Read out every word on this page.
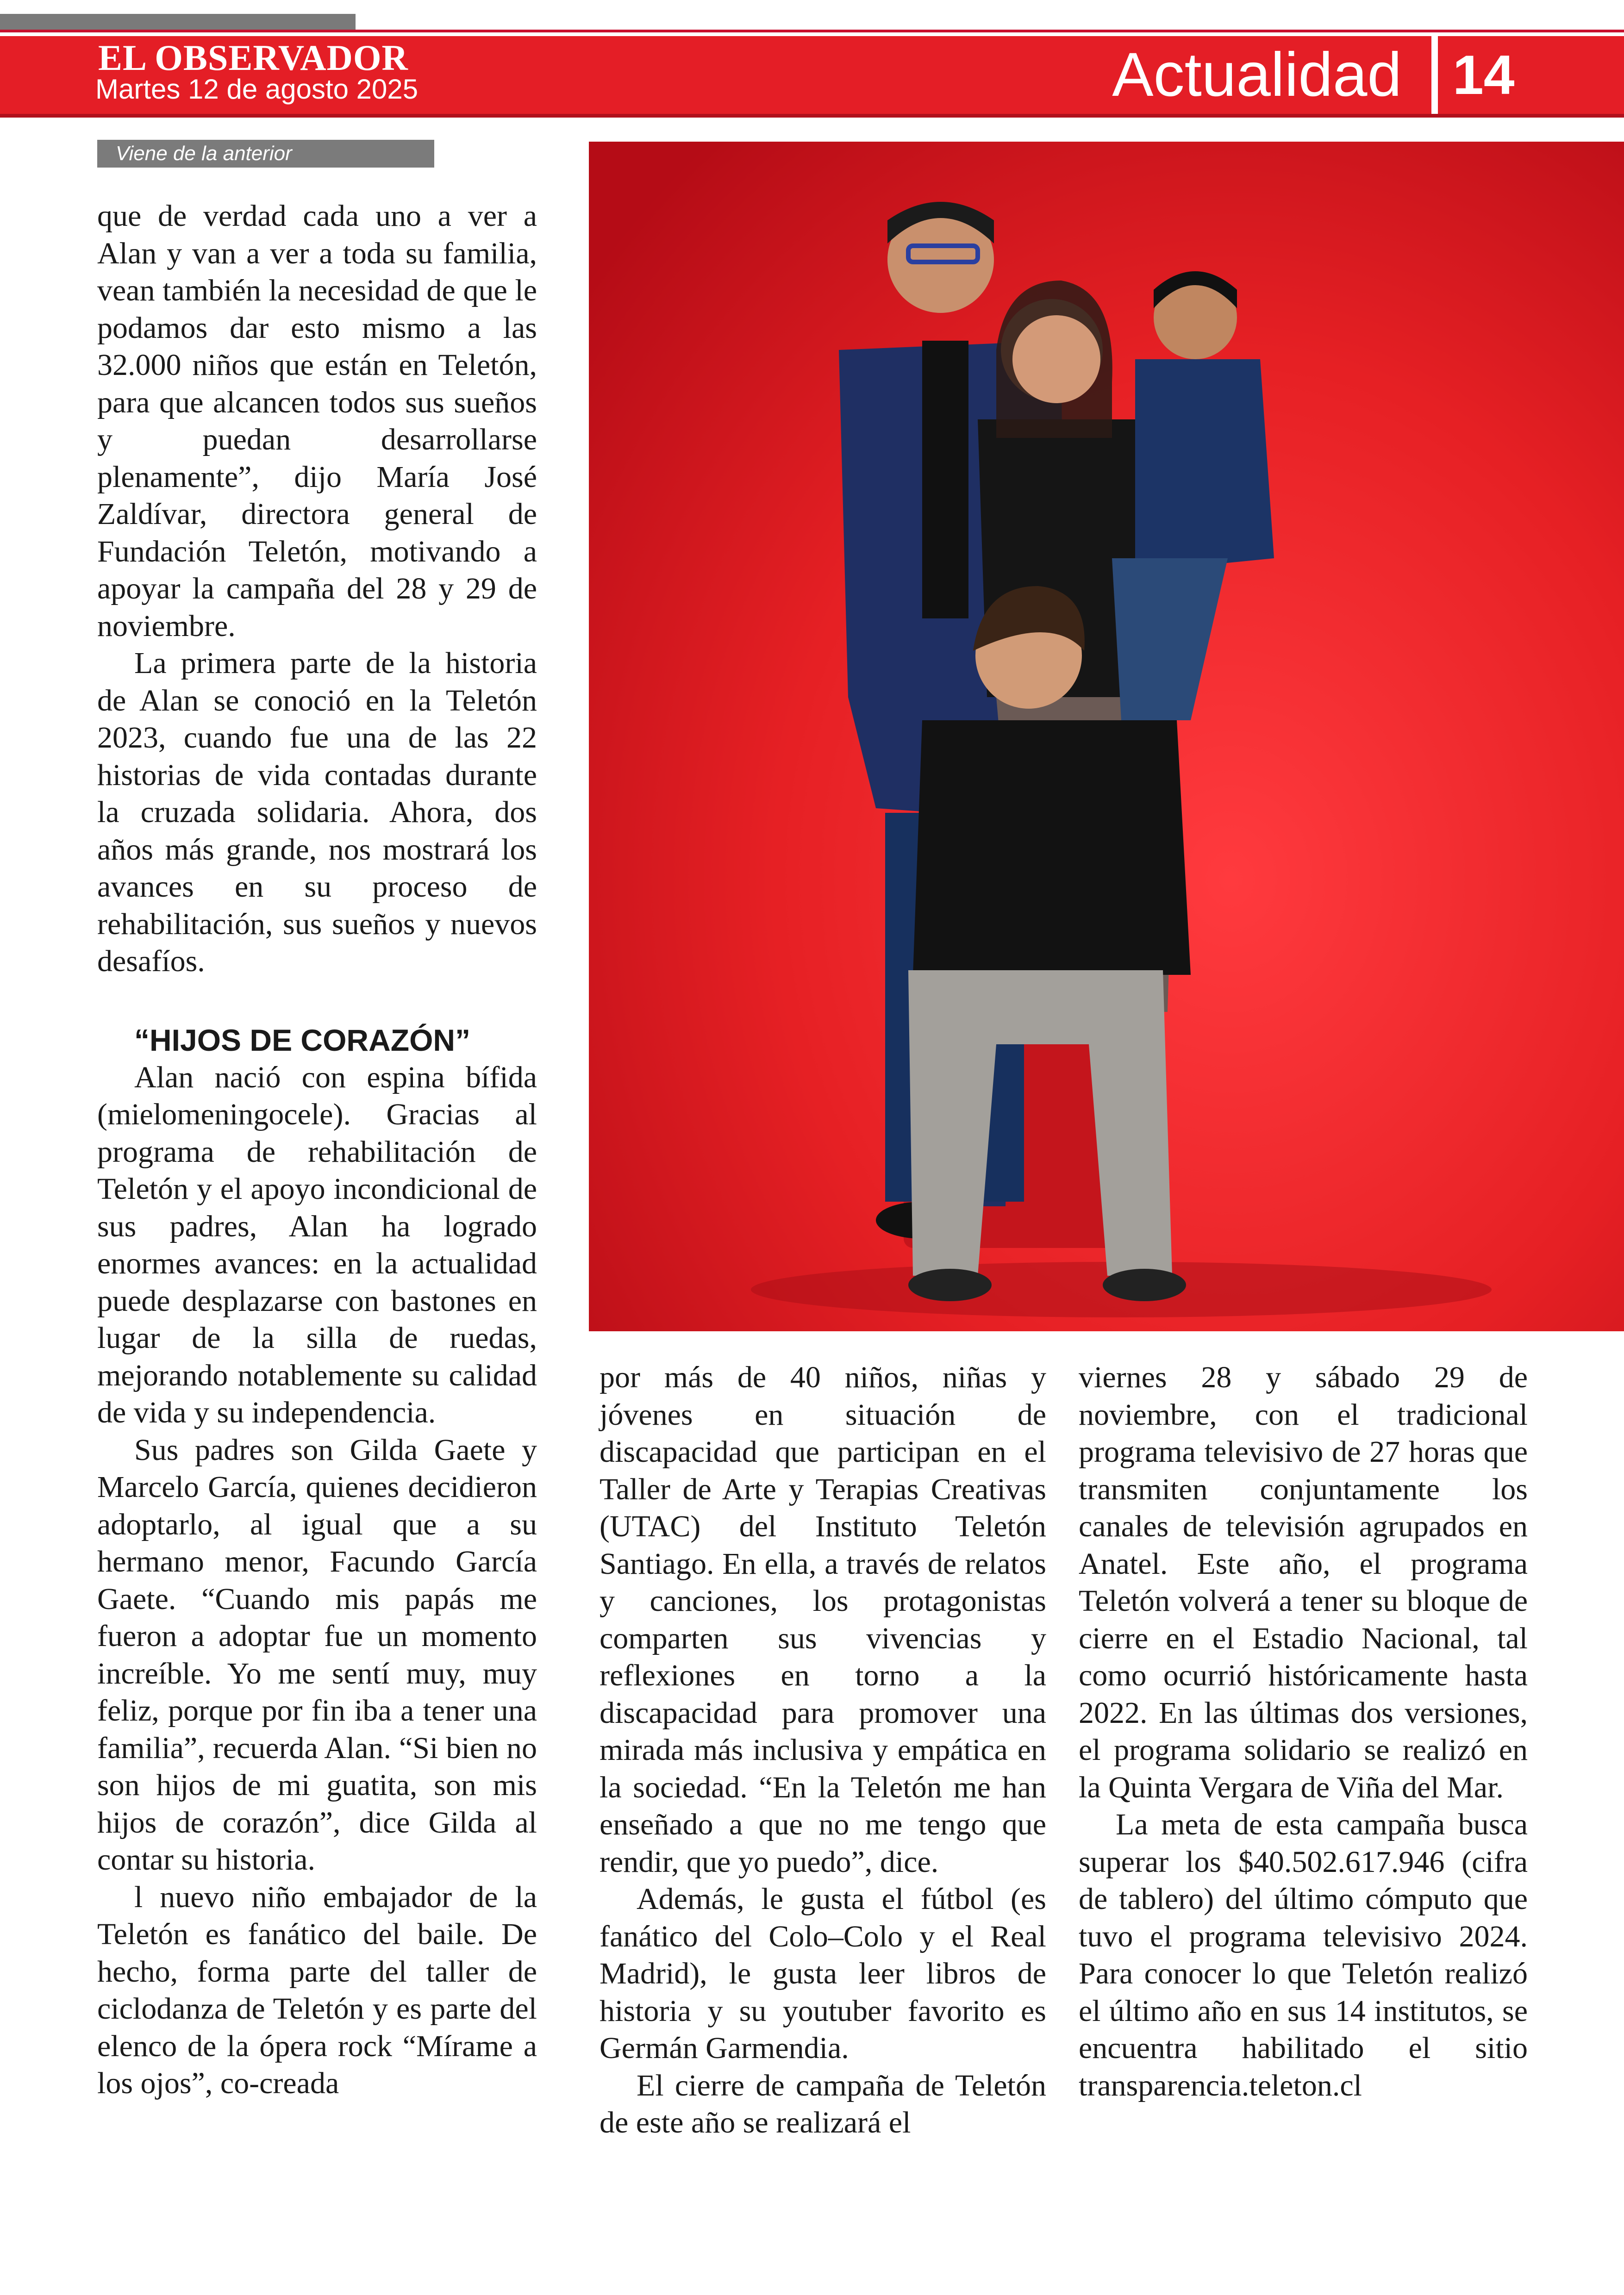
EL OBSERVADOR
Martes 12 de agosto 2025	Actualidad 14
Viene de la anterior

que de verdad cada uno a ver a Alan y van a ver a toda su familia, vean también la necesidad de que le podamos dar esto mismo a las 32.000 niños que están en Teletón, para que alcancen todos sus sueños y puedan desarrollarse plenamente”, dijo María José Zaldívar, directora general de Fundación Teletón, motivando a apoyar la campaña del 28 y 29 de noviembre.

La primera parte de la historia de Alan se conoció en la Teletón 2023, cuando fue una de las 22 historias de vida contadas durante la cruzada solidaria. Ahora, dos años más grande, nos mostrará los avances en su proceso de rehabilitación, sus sueños y nuevos desafíos.

“HIJOS DE CORAZÓN”

Alan nació con espina bífida (mielomeningocele). Gracias al programa de rehabilitación de Teletón y el apoyo incondicional de sus padres, Alan ha logrado enormes avances: en la actualidad puede desplazarse con bastones en lugar de la silla de ruedas, mejorando notablemente su calidad de vida y su independencia.

Sus padres son Gilda Gaete y Marcelo García, quienes decidieron adoptarlo, al igual que a su hermano menor, Facundo García Gaete. “Cuando mis papás me fueron a adoptar fue un momento increíble. Yo me sentí muy, muy feliz, porque por fin iba a tener una familia”, recuerda Alan. “Si bien no son hijos de mi guatita, son mis hijos de corazón”, dice Gilda al contar su historia.

l nuevo niño embajador de la Teletón es fanático del baile. De hecho, forma parte del taller de ciclodanza de Teletón y es parte del elenco de la ópera rock “Mírame a los ojos”, co-creada

por más de 40 niños, niñas y jóvenes en situación de discapacidad que participan en el Taller de Arte y Terapias Creativas (UTAC) del Instituto Teletón Santiago. En ella, a través de relatos y canciones, los protagonistas comparten sus vivencias y reflexiones en torno a la discapacidad para promover una mirada más inclusiva y empática en la sociedad. “En la Teletón me han enseñado a que no me tengo que rendir, que yo puedo”, dice.

Además, le gusta el fútbol (es fanático del Colo–Colo y el Real Madrid), le gusta leer libros de historia y su youtuber favorito es Germán Garmendia.

El cierre de campaña de Teletón de este año se realizará el

viernes 28 y sábado 29 de noviembre, con el tradicional programa televisivo de 27 horas que transmiten conjuntamente los canales de televisión agrupados en Anatel. Este año, el programa Teletón volverá a tener su bloque de cierre en el Estadio Nacional, tal como ocurrió históricamente hasta 2022. En las últimas dos versiones, el programa solidario se realizó en la Quinta Vergara de Viña del Mar.

La meta de esta campaña busca superar los $40.502.617.946 (cifra de tablero) del último cómputo que tuvo el programa televisivo 2024. Para conocer lo que Teletón realizó el último año en sus 14 institutos, se encuentra habilitado el sitio transparencia.teleton.cl
